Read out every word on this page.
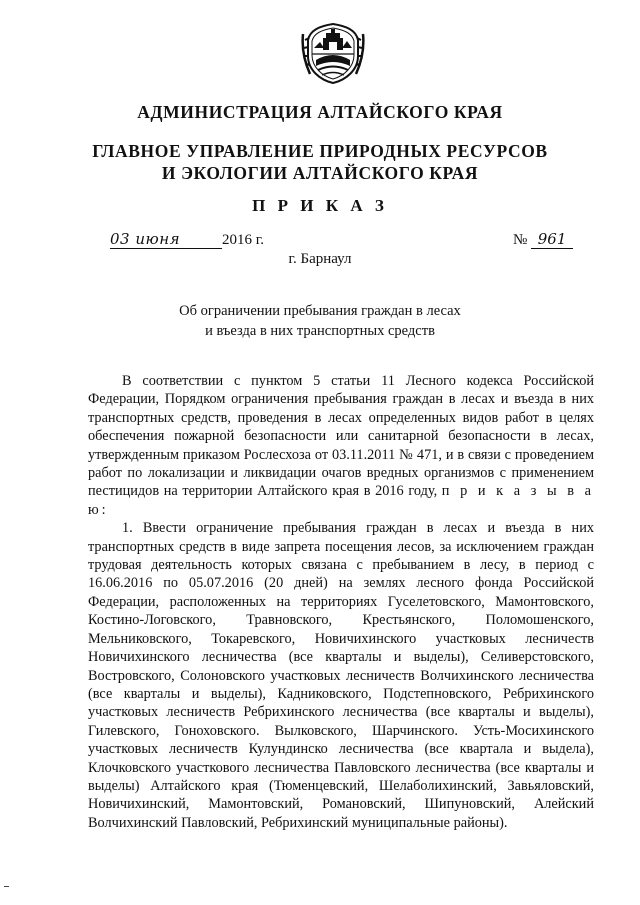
АДМИНИСТРАЦИЯ АЛТАЙСКОГО КРАЯ
ГЛАВНОЕ УПРАВЛЕНИЕ ПРИРОДНЫХ РЕСУРСОВ
И ЭКОЛОГИИ АЛТАЙСКОГО КРАЯ
П Р И К А З
03 июня	2016 г.	№ 961
г. Барнаул
Об ограничении пребывания граждан в лесах
и въезда в них транспортных средств

В соответствии с пунктом 5 статьи 11 Лесного кодекса Российской Федерации, Порядком ограничения пребывания граждан в лесах и въезда в них транспортных средств, проведения в лесах определенных видов работ в целях обеспечения пожарной безопасности или санитарной безопасности в лесах, утвержденным приказом Рослесхоза от 03.11.2011 № 471, и в связи с проведением работ по локализации и ликвидации очагов вредных организмов с применением пестицидов на территории Алтайского края в 2016 году, п р и к а з ы в а ю:

1. Ввести ограничение пребывания граждан в лесах и въезда в них транспортных средств в виде запрета посещения лесов, за исключением граждан трудовая деятельность которых связана с пребыванием в лесу, в период с 16.06.2016 по 05.07.2016 (20 дней) на землях лесного фонда Российской Федерации, расположенных на территориях Гуселетовского, Мамонтовского, Костино-Логовского, Травновского, Крестьянского, Поломошенского, Мельниковского, Токаревского, Новичихинского участковых лесничеств Новичихинского лесничества (все кварталы и выделы), Селиверстовского, Востровского, Солоновского участковых лесничеств Волчихинского лесничества (все кварталы и выделы), Кадниковского, Подстепновского, Ребрихинского участковых лесничеств Ребрихинского лесничества (все кварталы и выделы), Гилевского, Гоноховского. Вылковского, Шарчинского. Усть-Мосихинского участковых лесничеств Кулундинско лесничества (все квартала и выдела), Клочковского участкового лесничества Павловского лесничества (все кварталы и выделы) Алтайского края (Тюменцевский, Шелаболихинский, Завьяловский, Новичихинский, Мамонтовский, Романовский, Шипуновский, Алейский Волчихинский Павловский, Ребрихинский муниципальные районы).
